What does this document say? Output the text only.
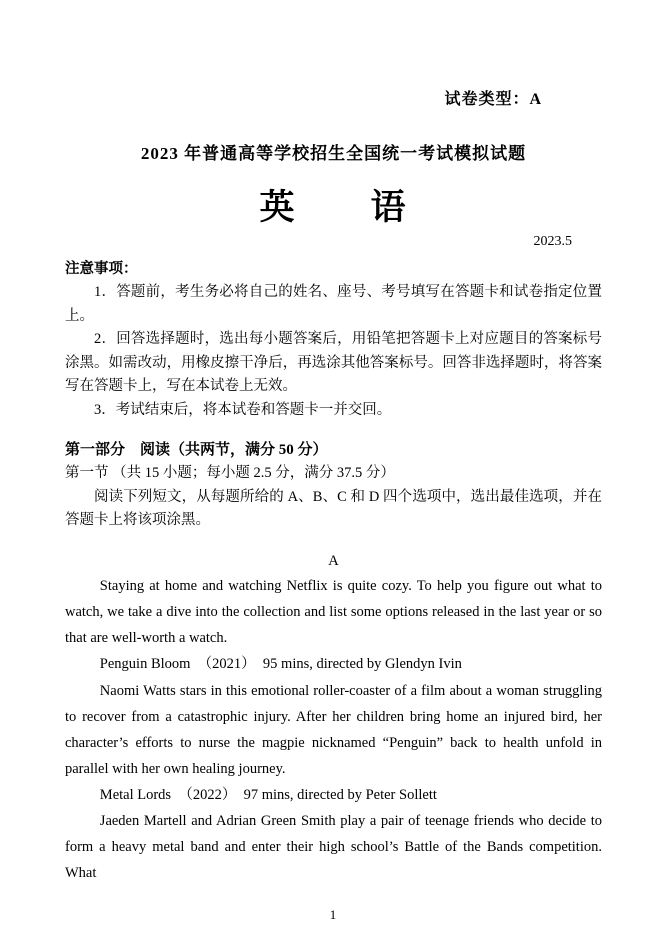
试卷类型：A
2023 年普通高等学校招生全国统一考试模拟试题
英　　语
2023.5
注意事项：

1．答题前，考生务必将自己的姓名、座号、考号填写在答题卡和试卷指定位置上。

2．回答选择题时，选出每小题答案后，用铅笔把答题卡上对应题目的答案标号涂黑。如需改动，用橡皮擦干净后，再选涂其他答案标号。回答非选择题时，将答案写在答题卡上，写在本试卷上无效。

3．考试结束后，将本试卷和答题卡一并交回。

第一部分　阅读（共两节，满分 50 分）
第一节 （共 15 小题；每小题 2.5 分，满分 37.5 分）

阅读下列短文，从每题所给的 A、B、C 和 D 四个选项中，选出最佳选项，并在答题卡上将该项涂黑。

A

Staying at home and watching Netflix is quite cozy. To help you figure out what to watch, we take a dive into the collection and list some options released in the last year or so that are well-worth a watch.

Penguin Bloom　（2021）　95 mins, directed by Glendyn Ivin

Naomi Watts stars in this emotional roller-coaster of a film about a woman struggling to recover from a catastrophic injury. After her children bring home an injured bird, her character’s efforts to nurse the magpie nicknamed “Penguin” back to health unfold in parallel with her own healing journey.

Metal Lords　（2022）　97 mins, directed by Peter Sollett

Jaeden Martell and Adrian Green Smith play a pair of teenage friends who decide to form a heavy metal band and enter their high school’s Battle of the Bands competition. What

1
